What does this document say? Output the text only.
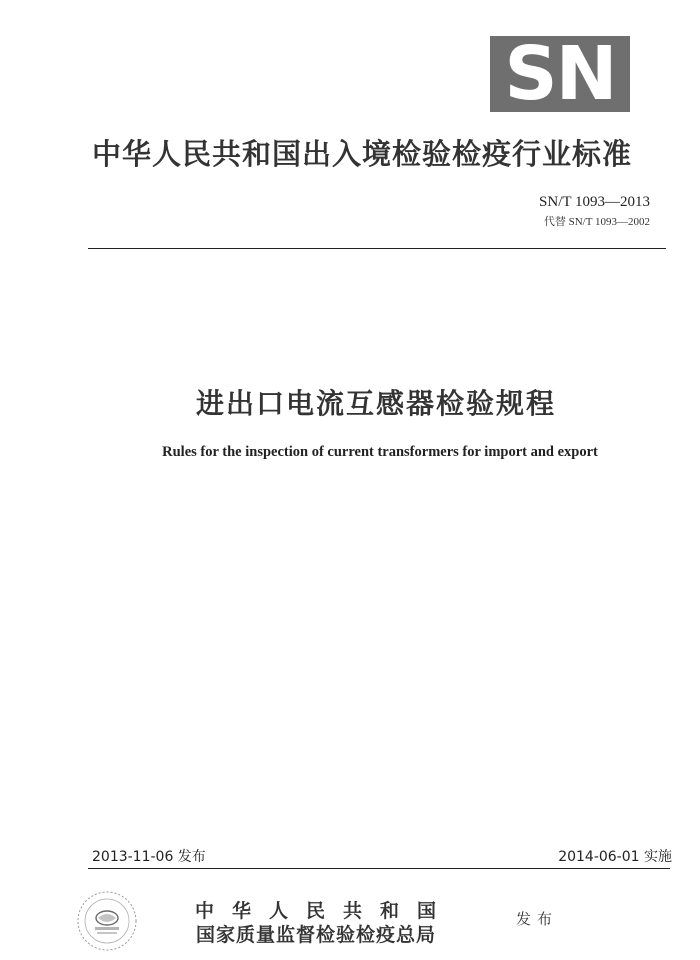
SN
中华人民共和国出入境检验检疫行业标准
SN/T 1093—2013
代替 SN/T 1093—2002
进出口电流互感器检验规程
Rules for the inspection of current transformers for import and export
2013-11-06 发布	2014-06-01 实施
中华人民共和国
国家质量监督检验检疫总局
发布
